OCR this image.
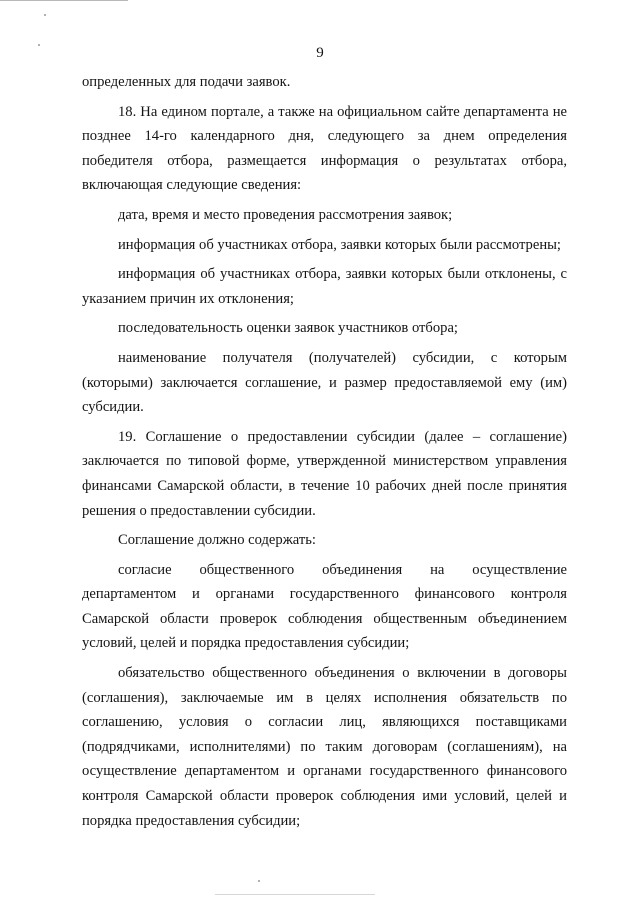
9

определенных для подачи заявок.

18. На едином портале, а также на официальном сайте департамента не позднее 14-го календарного дня, следующего за днем определения победителя отбора, размещается информация о результатах отбора, включающая следующие сведения:

дата, время и место проведения рассмотрения заявок;

информация об участниках отбора, заявки которых были рассмотрены;

информация об участниках отбора, заявки которых были отклонены, с указанием причин их отклонения;

последовательность оценки заявок участников отбора;

наименование получателя (получателей) субсидии, с которым (которыми) заключается соглашение, и размер предоставляемой ему (им) субсидии.

19. Соглашение о предоставлении субсидии (далее – соглашение) заключается по типовой форме, утвержденной министерством управления финансами Самарской области, в течение 10 рабочих дней после принятия решения о предоставлении субсидии.

Соглашение должно содержать:

согласие общественного объединения на осуществление департаментом и органами государственного финансового контроля Самарской области проверок соблюдения общественным объединением условий, целей и порядка предоставления субсидии;

обязательство общественного объединения о включении в договоры (соглашения), заключаемые им в целях исполнения обязательств по соглашению, условия о согласии лиц, являющихся поставщиками (подрядчиками, исполнителями) по таким договорам (соглашениям), на осуществление департаментом и органами государственного финансового контроля Самарской области проверок соблюдения ими условий, целей и порядка предоставления субсидии;
